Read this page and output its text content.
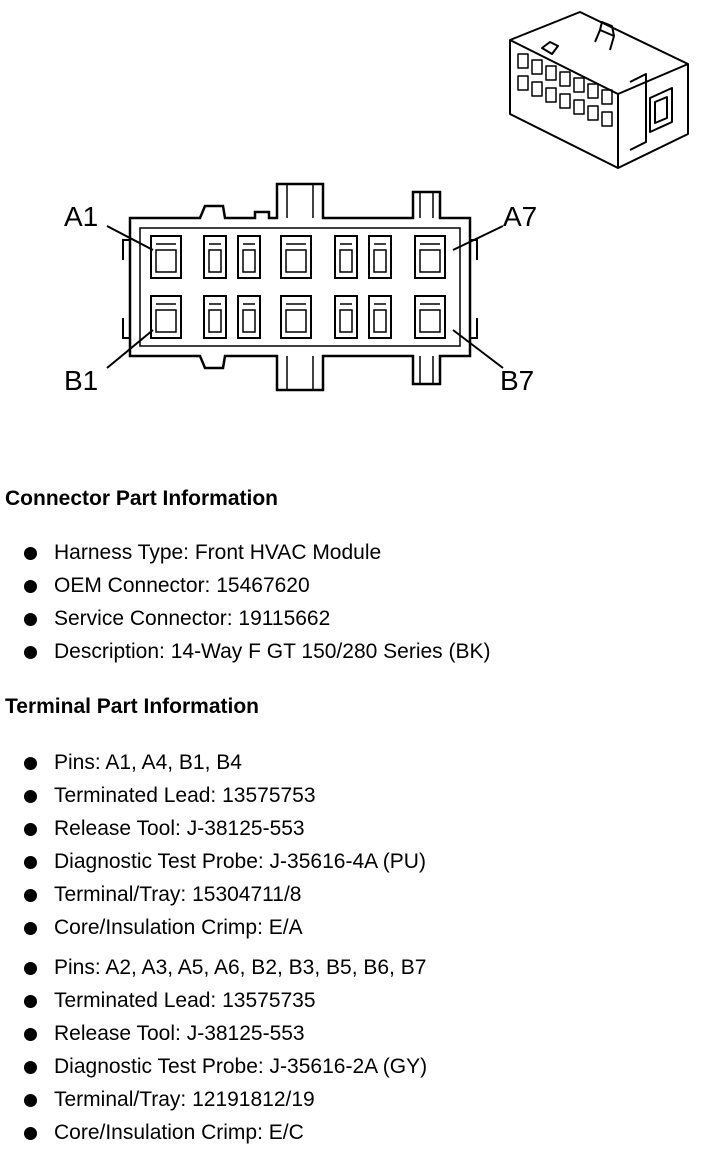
A1	A7
B1	B7
Connector Part Information
Harness Type: Front HVAC Module
OEM Connector: 15467620
Service Connector: 19115662
Description: 14-Way F GT 150/280 Series (BK)
Terminal Part Information
Pins: A1, A4, B1, B4
Terminated Lead: 13575753
Release Tool: J-38125-553
Diagnostic Test Probe: J-35616-4A (PU)
Terminal/Tray: 15304711/8
Core/Insulation Crimp: E/A
Pins: A2, A3, A5, A6, B2, B3, B5, B6, B7
Terminated Lead: 13575735
Release Tool: J-38125-553
Diagnostic Test Probe: J-35616-2A (GY)
Terminal/Tray: 12191812/19
Core/Insulation Crimp: E/C
